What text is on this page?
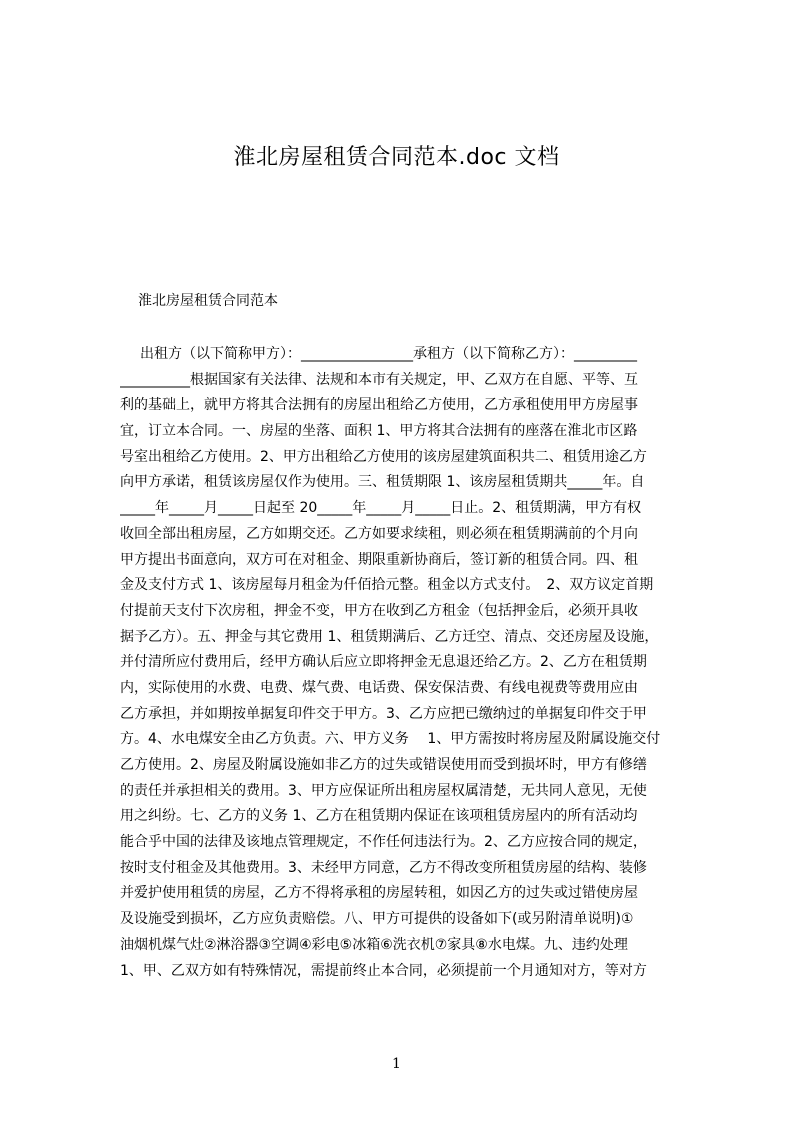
淮北房屋租赁合同范本.doc 文档
淮北房屋租赁合同范本
出租方（以下简称甲方）：________________承租方（以下简称乙方）：_________
__________根据国家有关法律、法规和本市有关规定，甲、乙双方在自愿、平等、互
利的基础上，就甲方将其合法拥有的房屋出租给乙方使用，乙方承租使用甲方房屋事
宜，订立本合同。一、房屋的坐落、面积 1、甲方将其合法拥有的座落在淮北市区路
号室出租给乙方使用。2、甲方出租给乙方使用的该房屋建筑面积共二、租赁用途乙方
向甲方承诺，租赁该房屋仅作为使用。三、租赁期限 1、该房屋租赁期共_____年。自
_____年_____月_____日起至 20_____年_____月_____日止。2、租赁期满，甲方有权
收回全部出租房屋，乙方如期交还。乙方如要求续租，则必须在租赁期满前的个月向
甲方提出书面意向，双方可在对租金、期限重新协商后，签订新的租赁合同。四、租
金及支付方式 1、该房屋每月租金为仟佰拾元整。租金以方式支付。　2、双方议定首期
付提前天支付下次房租，押金不变，甲方在收到乙方租金（包括押金后，必须开具收
据予乙方）。五、押金与其它费用 1、租赁期满后、乙方迁空、清点、交还房屋及设施，
并付清所应付费用后，经甲方确认后应立即将押金无息退还给乙方。2、乙方在租赁期
内，实际使用的水费、电费、煤气费、电话费、保安保洁费、有线电视费等费用应由
乙方承担，并如期按单据复印件交于甲方。3、乙方应把已缴纳过的单据复印件交于甲
方。4、水电煤安全由乙方负责。六、甲方义务　 1、甲方需按时将房屋及附属设施交付
乙方使用。2、房屋及附属设施如非乙方的过失或错误使用而受到损坏时，甲方有修缮
的责任并承担相关的费用。3、甲方应保证所出租房屋权属清楚，无共同人意见，无使
用之纠纷。七、乙方的义务 1、乙方在租赁期内保证在该项租赁房屋内的所有活动均
能合乎中国的法律及该地点管理规定，不作任何违法行为。2、乙方应按合同的规定，
按时支付租金及其他费用。3、未经甲方同意，乙方不得改变所租赁房屋的结构、装修
并爱护使用租赁的房屋，乙方不得将承租的房屋转租，如因乙方的过失或过错使房屋
及设施受到损坏，乙方应负责赔偿。八、甲方可提供的设备如下(或另附清单说明)①
油烟机煤气灶②淋浴器③空调④彩电⑤冰箱⑥洗衣机⑦家具⑧水电煤。九、违约处理
1、甲、乙双方如有特殊情况，需提前终止本合同，必须提前一个月通知对方，等对方
1
